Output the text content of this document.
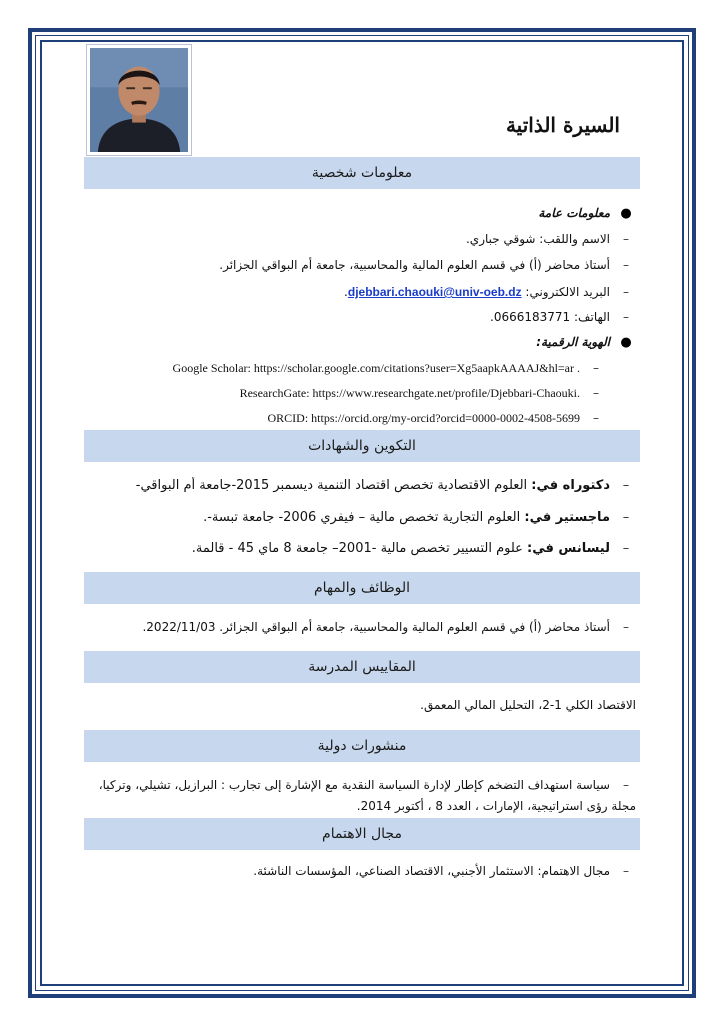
السيرة الذاتية
معلومات شخصية
●معلومات عامة
–الاسم واللقب: شوقي جباري.
–أستاذ محاضر (أ) في قسم العلوم المالية والمحاسبية، جامعة أم البواقي الجزائر.
–البريد الالكتروني: djebbari.chaouki@univ-oeb.dz.
–الهاتف: 0666183771.
●الهوية الرقمية:
–Google Scholar: https://scholar.google.com/citations?user=Xg5aapkAAAAJ&hl=ar .
–ResearchGate: https://www.researchgate.net/profile/Djebbari-Chaouki.
–ORCID: https://orcid.org/my-orcid?orcid=0000-0002-4508-5699
التكوين والشهادات
–دكتوراه في: العلوم الاقتصادية تخصص اقتصاد التنمية ديسمبر 2015-جامعة أم البواقي-
–ماجستير في: العلوم التجارية تخصص مالية – فيفري 2006- جامعة تبسة-.
–ليسانس في: علوم التسيير تخصص مالية -2001– جامعة 8 ماي 45 - قالمة.
الوظائف والمهام
–أستاذ محاضر (أ) في قسم العلوم المالية والمحاسبية، جامعة أم البواقي الجزائر. 2022/11/03.
المقاييس المدرسة
الاقتصاد الكلي 1-2، التحليل المالي المعمق.
منشورات دولية
–سياسة استهداف التضخم كإطار لإدارة السياسة النقدية مع الإشارة إلى تجارب : البرازيل، تشيلي، وتركيا، مجلة رؤى استراتيجية، الإمارات ، العدد 8 ، أكتوبر 2014.
مجال الاهتمام
–مجال الاهتمام: الاستثمار الأجنبي، الاقتصاد الصناعي، المؤسسات الناشئة.
